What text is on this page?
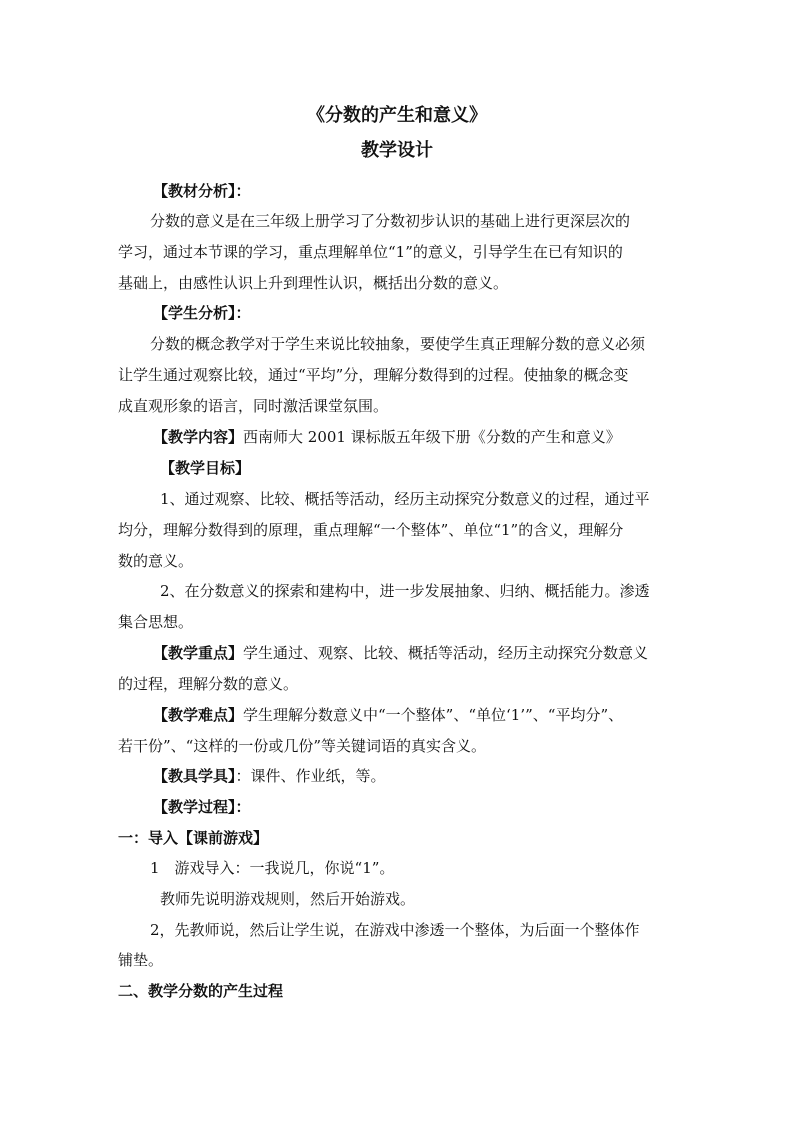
《分数的产生和意义》
教学设计
【教材分析】：
分数的意义是在三年级上册学习了分数初步认识的基础上进行更深层次的
学习，通过本节课的学习，重点理解单位“1”的意义，引导学生在已有知识的
基础上，由感性认识上升到理性认识，概括出分数的意义。
【学生分析】：
分数的概念教学对于学生来说比较抽象，要使学生真正理解分数的意义必须
让学生通过观察比较，通过“平均”分，理解分数得到的过程。使抽象的概念变
成直观形象的语言，同时激活课堂氛围。
【教学内容】西南师大 2001 课标版五年级下册《分数的产生和意义》
【教学目标】
1、通过观察、比较、概括等活动，经历主动探究分数意义的过程，通过平
均分，理解分数得到的原理，重点理解“一个整体”、单位“1”的含义，理解分
数的意义。
2、在分数意义的探索和建构中，进一步发展抽象、归纳、概括能力。渗透
集合思想。
【教学重点】学生通过、观察、比较、概括等活动，经历主动探究分数意义
的过程，理解分数的意义。
【教学难点】学生理解分数意义中“一个整体”、“单位‘1’”、“平均分”、
若干份”、“这样的一份或几份”等关键词语的真实含义。
【教具学具】：课件、作业纸，等。
【教学过程】：
一：导入【课前游戏】
1　游戏导入：一我说几，你说“1”。
教师先说明游戏规则，然后开始游戏。
2，先教师说，然后让学生说，在游戏中渗透一个整体，为后面一个整体作
铺垫。
二、教学分数的产生过程
